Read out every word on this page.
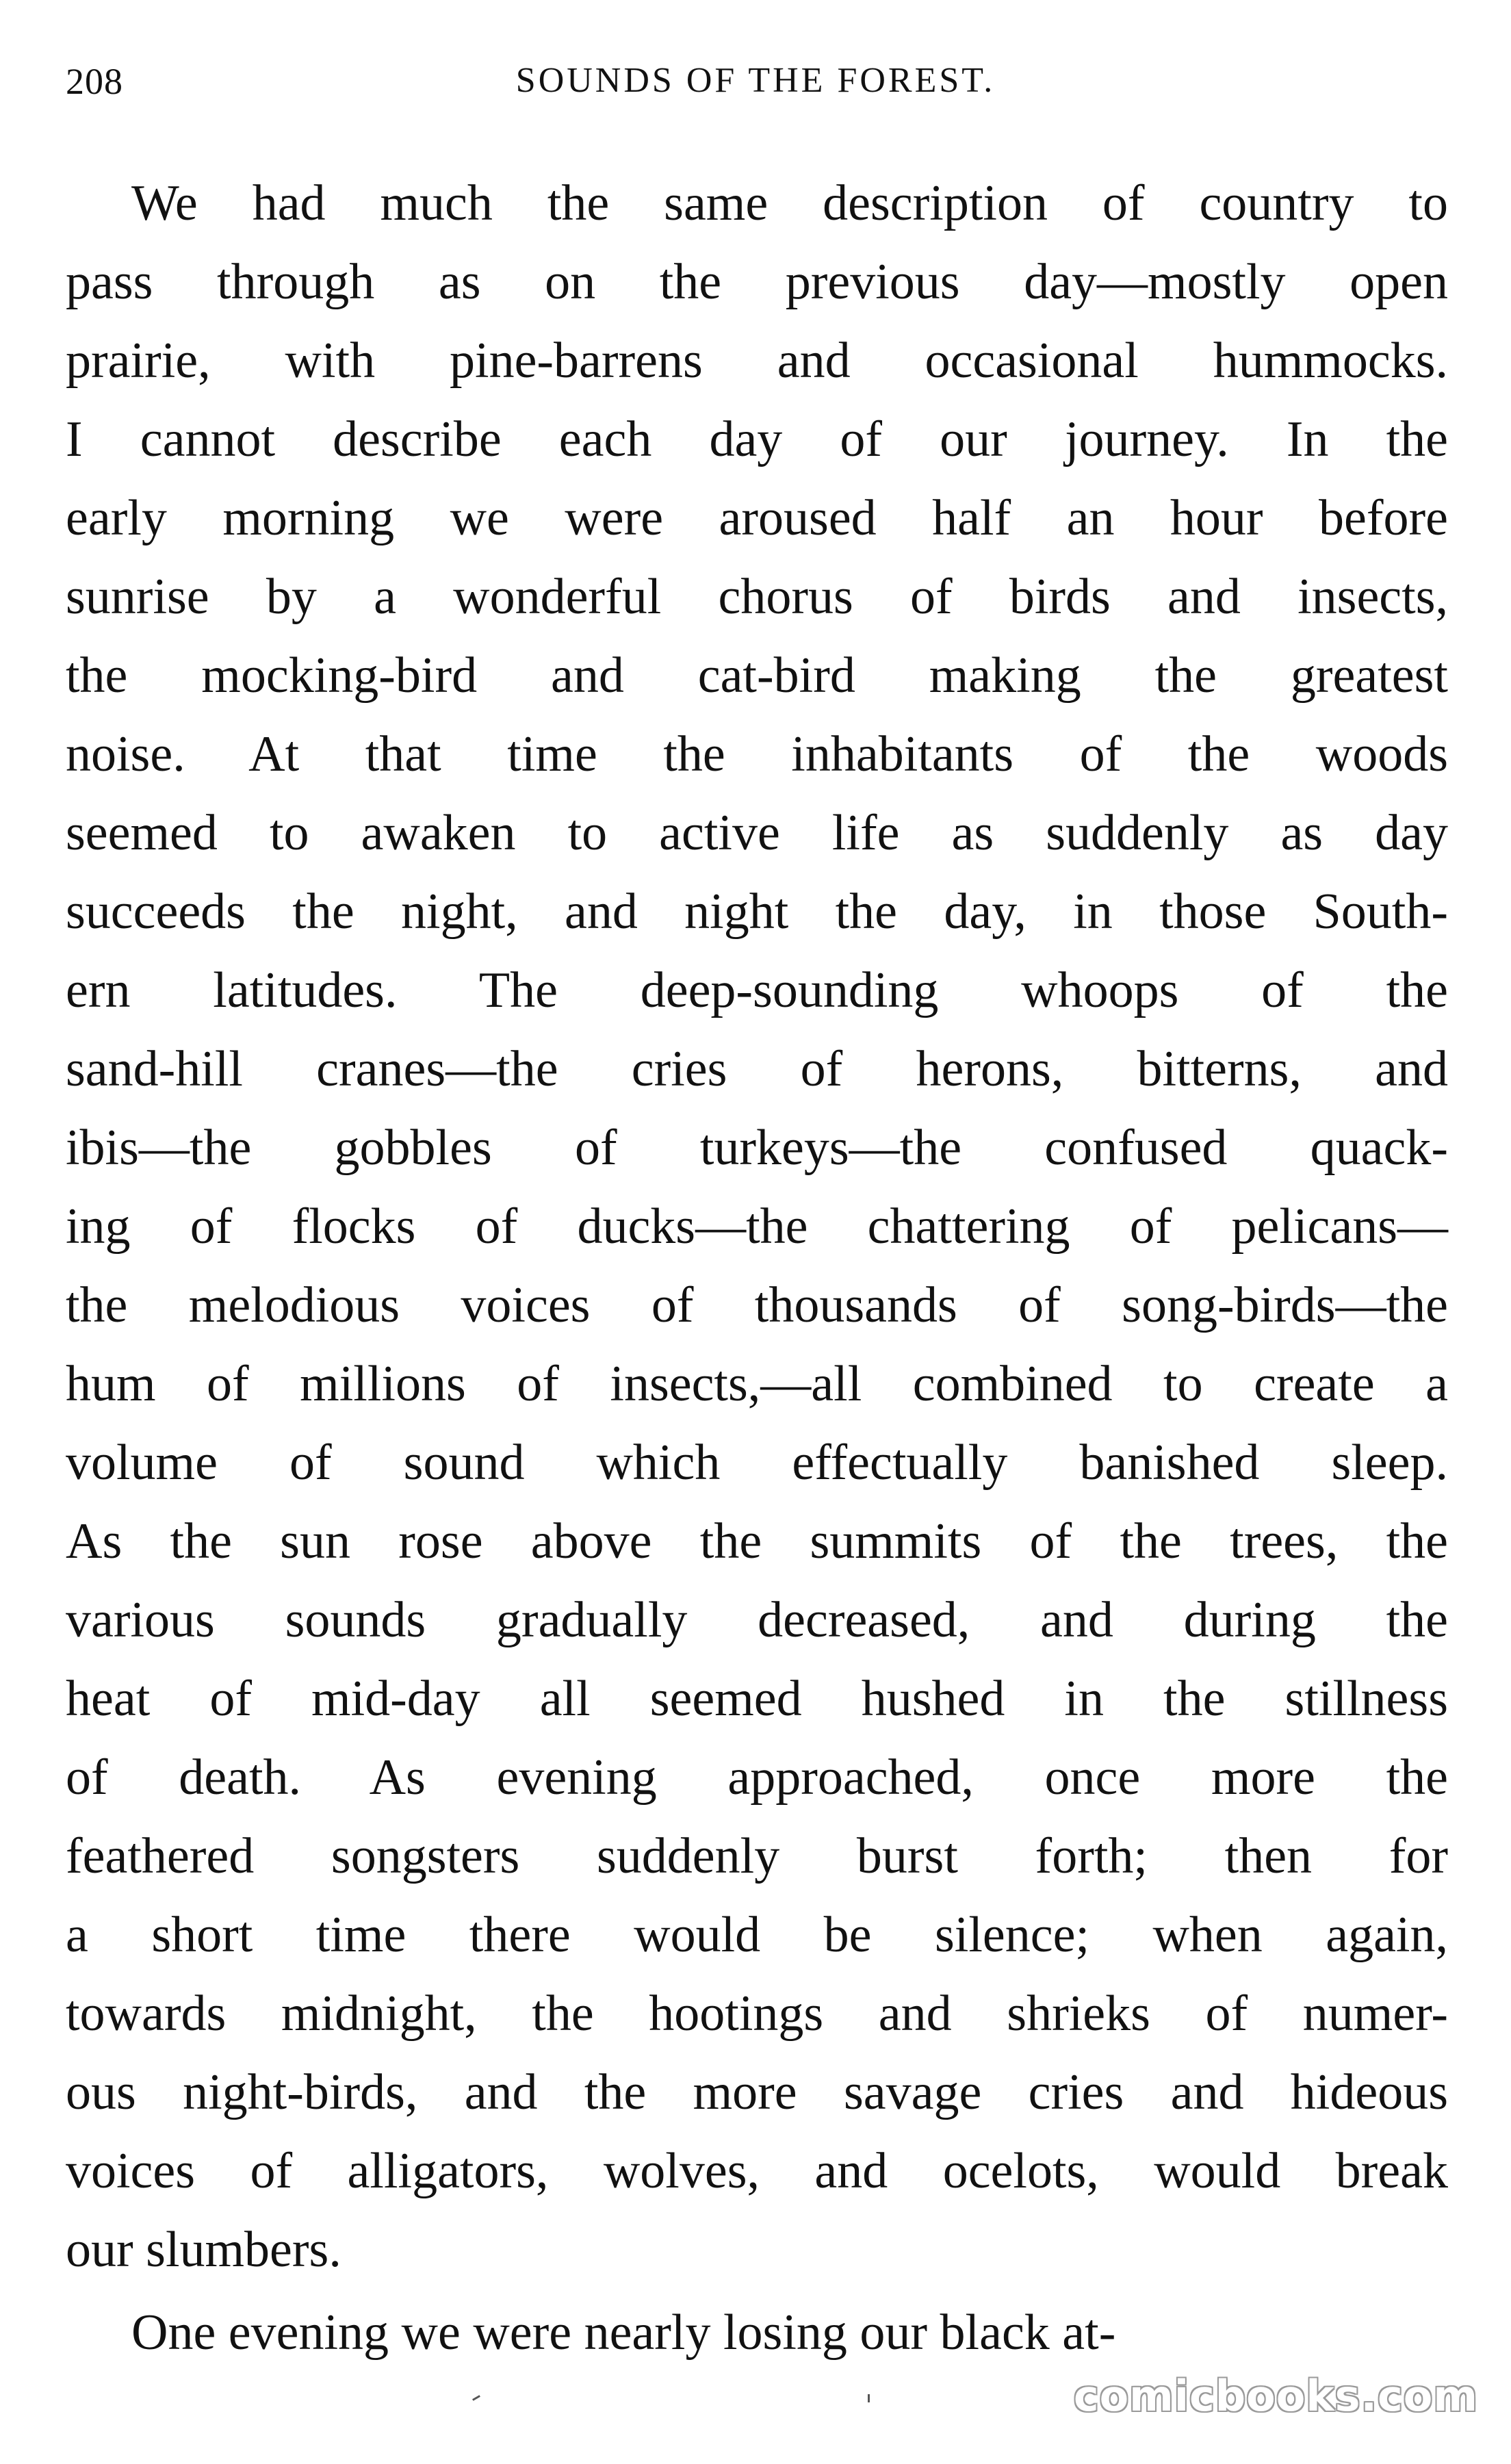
208	SOUNDS OF THE FOREST.
We had much the same description of country to
pass through as on the previous day—mostly open
prairie, with pine-barrens and occasional hummocks.
I cannot describe each day of our journey. In the
early morning we were aroused half an hour before
sunrise by a wonderful chorus of birds and insects,
the mocking-bird and cat-bird making the greatest
noise. At that time the inhabitants of the woods
seemed to awaken to active life as suddenly as day
succeeds the night, and night the day, in those South-
ern latitudes. The deep-sounding whoops of the
sand-hill cranes—the cries of herons, bitterns, and
ibis—the gobbles of turkeys—the confused quack-
ing of flocks of ducks—the chattering of pelicans—
the melodious voices of thousands of song-birds—the
hum of millions of insects,—all combined to create a
volume of sound which effectually banished sleep.
As the sun rose above the summits of the trees, the
various sounds gradually decreased, and during the
heat of mid-day all seemed hushed in the stillness
of death. As evening approached, once more the
feathered songsters suddenly burst forth; then for
a short time there would be silence; when again,
towards midnight, the hootings and shrieks of numer-
ous night-birds, and the more savage cries and hideous
voices of alligators, wolves, and ocelots, would break
our slumbers.
One evening we were nearly losing our black at-
comicbooks.com
